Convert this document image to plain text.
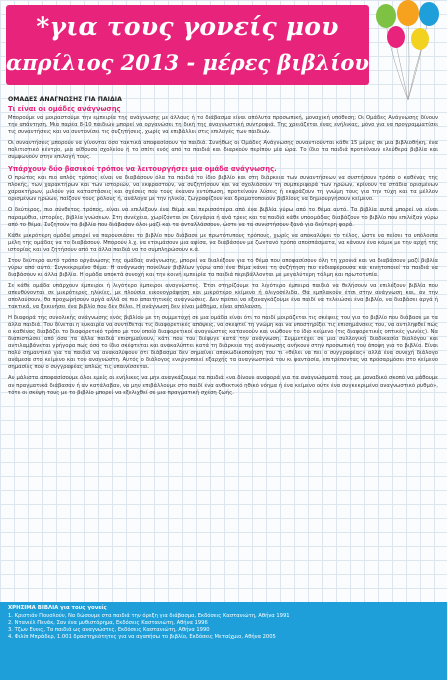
*για τους γονείς μου
απρίλιος 2013 - μέρες βιβλίου
ΟΜΑΔΕΣ ΑΝΑΓΝΩΣΗΣ ΓΙΑ ΠΑΙΔΙΑ
Τι είναι οι ομάδες ανάγνωσης

Μπορούμε να μοιραστούμε την εμπειρία της ανάγνωσης με άλλους ή το διάβασμα είναι απόλυτα προσωπική, μοναχική υπόθεση; Οι Ομάδες Ανάγνωσης δίνουν την απάντηση. Μια παρέα 8-10 παιδιών μπορεί να οργανώσει τη δική της αναγνωστική συντροφιά. Της χρειάζεται ένας ενήλικας, μόνο για να προγραμματίσει τις συναντήσεις και να συντονίσει τις συζητήσεις, χωρίς να επιβάλλει στις επιλογές των παιδιών.

Οι συναντήσεις μπορούν να γίνονται όσο τακτικά αποφασίσουν τα παιδιά. Συνήθως οι Ομάδες Ανάγνωσης συναντιούνται κάθε 15 μέρες σε μια βιβλιοθήκη, ένα πολιτιστικό κέντρο, μια αίθουσα σχολείου ή το σπίτι ενός από τα παιδιά και διαρκούν περίπου μία ώρα. Το ίδιο τα παιδιά προτείνουν ελεύθερα βιβλία και συμφωνούν στην επιλογή τους.

Υπάρχουν δύο βασικοί τρόποι να λειτουργήσει μια ομάδα ανάγνωσης.

Ο πρώτος και πιο απλός τρόπος είναι να διαβάσουν όλα τα παιδιά το ίδιο βιβλίο και στη διάρκεια των συναντήσεων να συστήσουν τρόπο ο καθένας της πλοκής, των χαρακτήρων και των ιστοριών, να εκφραστούν, να συζητήσουν και να σχολιάσουν τη συμπεριφορά των ηρώων, κρίνουν τα στάδια ορισμένων χαρακτήρων, μιλούν για καταστάσεις και σχέσεις που τους έκαναν εντύπωση, προτείνουν λύσεις ή εκφράζουν τη γνώμη τους για την τύχη και τα μέλλον ορισμένων ηρώων, παίζουν τους ρόλους ή, ανάλογα με την ηλικία, ζωγραφίζουν και δραματοποιούν βιβλίους να δημιουργήσουν κείμενο.

Ο δεύτερος, πιο σύνθετος τρόπος, είναι να επιλέξουν ένα θέμα και περισσότερα από ένα βιβλία γύρω από το θέμα αυτό. Τα βιβλία αυτά μπορεί να είναι παραμύθια, ιστορίες, βιβλία γνώσεων. Στη συνέχεια, χωρίζονται σε ζευγάρια ή ανά τρεις και τα παιδιά κάθε υποομάδας διαβάζουν το βιβλίο που επιλέξαν γύρω από το θέμα. Συζητούν τα βιβλία που διάβασαν όλοι μαζί και τα ανταλλάσσουν, ώστε να τα συνιστήσουν ξανά για δεύτερη φορά.

Κάθε μικρότερη ομάδα μπορεί να παρουσιάσει το βιβλίο που διάβασε με πρωτότυπους τρόπους, χωρίς να αποκαλύψει το τέλος, ώστε να πείσει τα υπόλοιπα μέλη της ομάδας να το διαβάσουν. Μπορούν λ.χ. να ετοιμάσουν μια αφίσα, να διαβάσουν με ζωντανό τρόπο αποσπάσματα, να κάνουν ένα κόμικ με την αρχή της ιστορίας και να ζητήσουν από τα άλλα παιδιά να το συμπληρώσουν κ.ά.

Στον δεύτερο αυτό τρόπο οργάνωσης της ομάδας ανάγνωσης, μπορεί να διαλέξουν για το θέμα που αποφασίσουν όλη τη χρονιά και να διαβάσουν μαζί βιβλία γύρω από αυτό. Συγκεκριμένο θέμα. Η ανάγνωση ποικίλων βιβλίων γύρω από ένα θέμα κάνει τη συζήτηση πιο ενδιαφέρουσα και κινητοποιεί τα παιδιά να διαβάσουν κι άλλα βιβλία. Η ομάδα αποκτά συνοχή και την κοινή εμπειρία τα παιδιά περιβάλλονται με μεγαλύτερη τόλμη και πρωτοτυπία.

Σε κάθε ομάδα υπάρχουν έμπειροι ή λιγότερο έμπειροι αναγνώστες. Έτσι στηρίζουμε τα λιγότερο έμπειρα παιδιά να θελήσουν να επιλέξουν βιβλία που απευθύνονται σε μικρότερες ηλικίες, με πλούσια εικονογράφηση και μικρότερο κείμενο ή ολιγοσέλιδα. Θα εμπλακούν έτσι στην ανάγνωση και, αν την απολαύσουν, θα προχωρήσουν αργά αλλά σε πιο απαιτητικές αναγνώσεις. Δεν πρέπει να εξαναγκάζουμε ένα παιδί να τελειώσει ένα βιβλίο, να διαβάσει αργά ή τακτικά, να ξεκινήσει ένα βιβλίο που δεν θέλει. Η ανάγνωση δεν είναι μάθημα, είναι απόλαυση.

Η διαφορά της συνολικής ανάγνωσης ενός βιβλίου με τη συμμετοχή σε μια ομάδα είναι ότι το παιδί μοιράζεται τις σκέψεις του για το βιβλίο που διάβασε με τα άλλα παιδιά. Του δίνεται η ευκαιρία να συντίθεται τις διαφορετικές απόψεις, να σκεφτεί τη γνώμη και να υποστηρίξει τις επισημάνσεις του, να αντιληφθεί πώς ο καθένας διαβάζει το διαφορετικό τρόπο με τον οποίο διαφορετικοί αναγνώστες κατανοούν και νιώθουν το ίδιο κείμενο (τις διαφορετικές οπτικές γωνίες). Να διαπιστώσει από όσα τα άλλα παιδιά επισημαίνουν, κάτι που του διέφυγε κατά την ανάγνωση. Συμμετέχει σε μια συλλογική διαδικασία διαλόγου και αντιλαμβάνεται γρήγορα πως όσο το ίδιο σκέφτεται και ανακαλύπτει κατά τη διάρκεια της ανάγνωσης ανήκουν στην προσωπική του άποψη για το βιβλίο. Είναι πολύ σημαντικό για τα παιδιά να ανακαλύψουν ότι διάβασμα δεν σημαίνει αποκωδικοποίηση του τι «θέλει να πει ο συγγραφέας» αλλά ένα συνεχή διάλογο ανάμεσα στο κείμενο και τον αναγνώστη. Αυτός ο διάλογος ενεργοποιεί εξαρχής τα αναγνωστικά του κι φαντασία, επιτρέποντας να προσαρμόσει στο κείμενο σημασίες που ο συγγραφέας απλώς τις υπαινίσσεται.

Αν μάλιστα αποφασίσουμε όλοι εμείς οι ενήλικες να μην αναγκάζουμε τα παιδιά «να δίνουν αναφορά για τα αναγνώσματά τους με μοναδικό σκοπό να μάθουμε αν πραγματικά διάβασαν ή αν κατάλαβαν, να μην επιβάλλουμε στο παιδί ένα ανθεκτικό ηθικό νόημα ή ένα κείμενο ούτε ένα συγκεκριμένο αναγνωστικό ρυθμό», τότε οι σκέψη τους με το βιβλίο μπορεί να εξελιχθεί σε μια πραγματική σχέση ζωής.

ΧΡΗΣΙΜΑ ΒΙΒΛΙΑ για τους γονείς
1. Κριστιάν Πουσλούν, Να δώσουμε στα παιδιά την όρεξη για διάβασμα, Εκδόσεις Καστανιώτη, Αθήνα 1991
2. Ντανιέλ Πενάκ, Σαν ένα μυθιστόρημα, Εκδόσεις Καστανιώτη, Αθήνα 1996
3. Τζων Εννις, Τα παιδιά ως αναγνώστες, Εκδόσεις Καστανιώτη, Αθήνα 1990
4. Φιλίπ Μπράδερ, 1.001 δραστηριότητες για να αγαπήσω το βιβλίο, Εκδόσεις Μεταίχμιο, Αθήνα 2005
